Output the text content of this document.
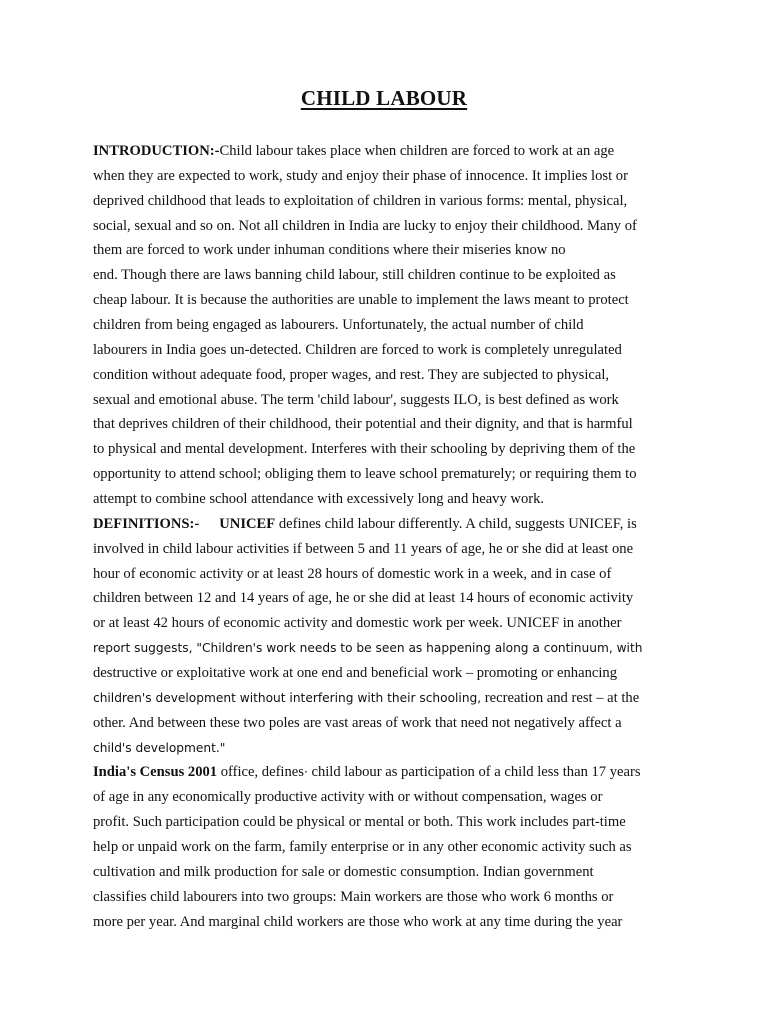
CHILD LABOUR
INTRODUCTION:-Child labour takes place when children are forced to work at an age
when they are expected to work, study and enjoy their phase of innocence. It implies lost or
deprived childhood that leads to exploitation of children in various forms: mental, physical,
social, sexual and so on. Not all children in India are lucky to enjoy their childhood. Many of
them are forced to work under inhuman conditions where their miseries know no
end. Though there are laws banning child labour, still children continue to be exploited as
cheap labour. It is because the authorities are unable to implement the laws meant to protect
children from being engaged as labourers. Unfortunately, the actual number of child
labourers in India goes un-detected. Children are forced to work is completely unregulated
condition without adequate food, proper wages, and rest. They are subjected to physical,
sexual and emotional abuse. The term 'child labour', suggests ILO, is best defined as work
that deprives children of their childhood, their potential and their dignity, and that is harmful
to physical and mental development. Interferes with their schooling by depriving them of the
opportunity to attend school; obliging them to leave school prematurely; or requiring them to
attempt to combine school attendance with excessively long and heavy work.
DEFINITIONS:- UNICEF defines child labour differently. A child, suggests UNICEF, is
involved in child labour activities if between 5 and 11 years of age, he or she did at least one
hour of economic activity or at least 28 hours of domestic work in a week, and in case of
children between 12 and 14 years of age, he or she did at least 14 hours of economic activity
or at least 42 hours of economic activity and domestic work per week. UNICEF in another
report suggests, "Children's work needs to be seen as happening along a continuum, with
destructive or exploitative work at one end and beneficial work – promoting or enhancing
children's development without interfering with their schooling, recreation and rest – at the
other. And between these two poles are vast areas of work that need not negatively affect a
child's development."
India's Census 2001 office, defines· child labour as participation of a child less than 17 years
of age in any economically productive activity with or without compensation, wages or
profit. Such participation could be physical or mental or both. This work includes part-time
help or unpaid work on the farm, family enterprise or in any other economic activity such as
cultivation and milk production for sale or domestic consumption. Indian government
classifies child labourers into two groups: Main workers are those who work 6 months or
more per year. And marginal child workers are those who work at any time during the year
